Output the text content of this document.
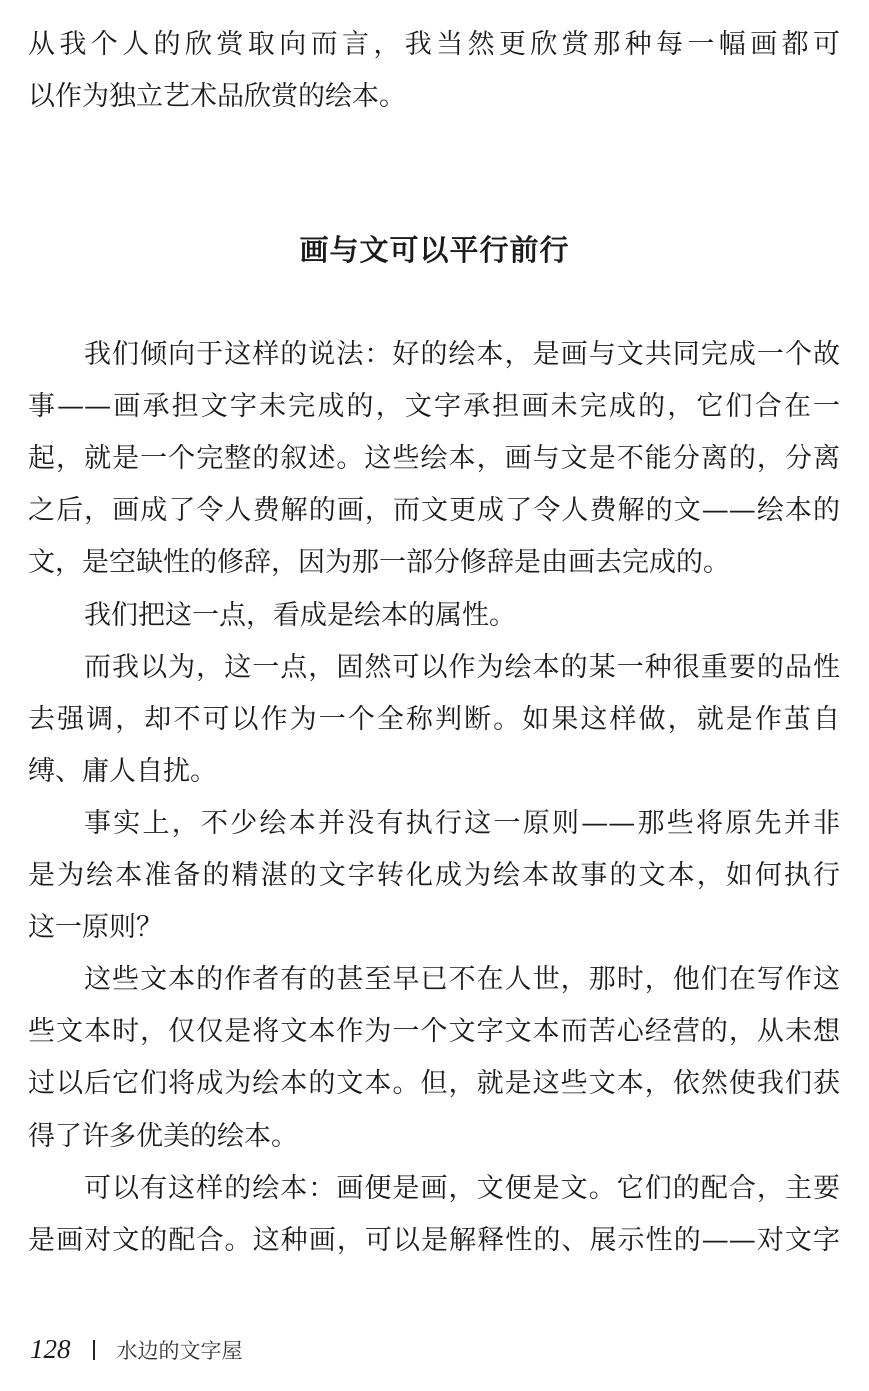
从我个人的欣赏取向而言，我当然更欣赏那种每一幅画都可
以作为独立艺术品欣赏的绘本。
画与文可以平行前行
我们倾向于这样的说法：好的绘本，是画与文共同完成一个故
事——画承担文字未完成的，文字承担画未完成的，它们合在一
起，就是一个完整的叙述。这些绘本，画与文是不能分离的，分离
之后，画成了令人费解的画，而文更成了令人费解的文——绘本的
文，是空缺性的修辞，因为那一部分修辞是由画去完成的。
我们把这一点，看成是绘本的属性。
而我以为，这一点，固然可以作为绘本的某一种很重要的品性
去强调，却不可以作为一个全称判断。如果这样做，就是作茧自
缚、庸人自扰。
事实上，不少绘本并没有执行这一原则——那些将原先并非
是为绘本准备的精湛的文字转化成为绘本故事的文本，如何执行
这一原则？
这些文本的作者有的甚至早已不在人世，那时，他们在写作这
些文本时，仅仅是将文本作为一个文字文本而苦心经营的，从未想
过以后它们将成为绘本的文本。但，就是这些文本，依然使我们获
得了许多优美的绘本。
可以有这样的绘本：画便是画，文便是文。它们的配合，主要
是画对文的配合。这种画，可以是解释性的、展示性的——对文字
128 水边的文字屋
